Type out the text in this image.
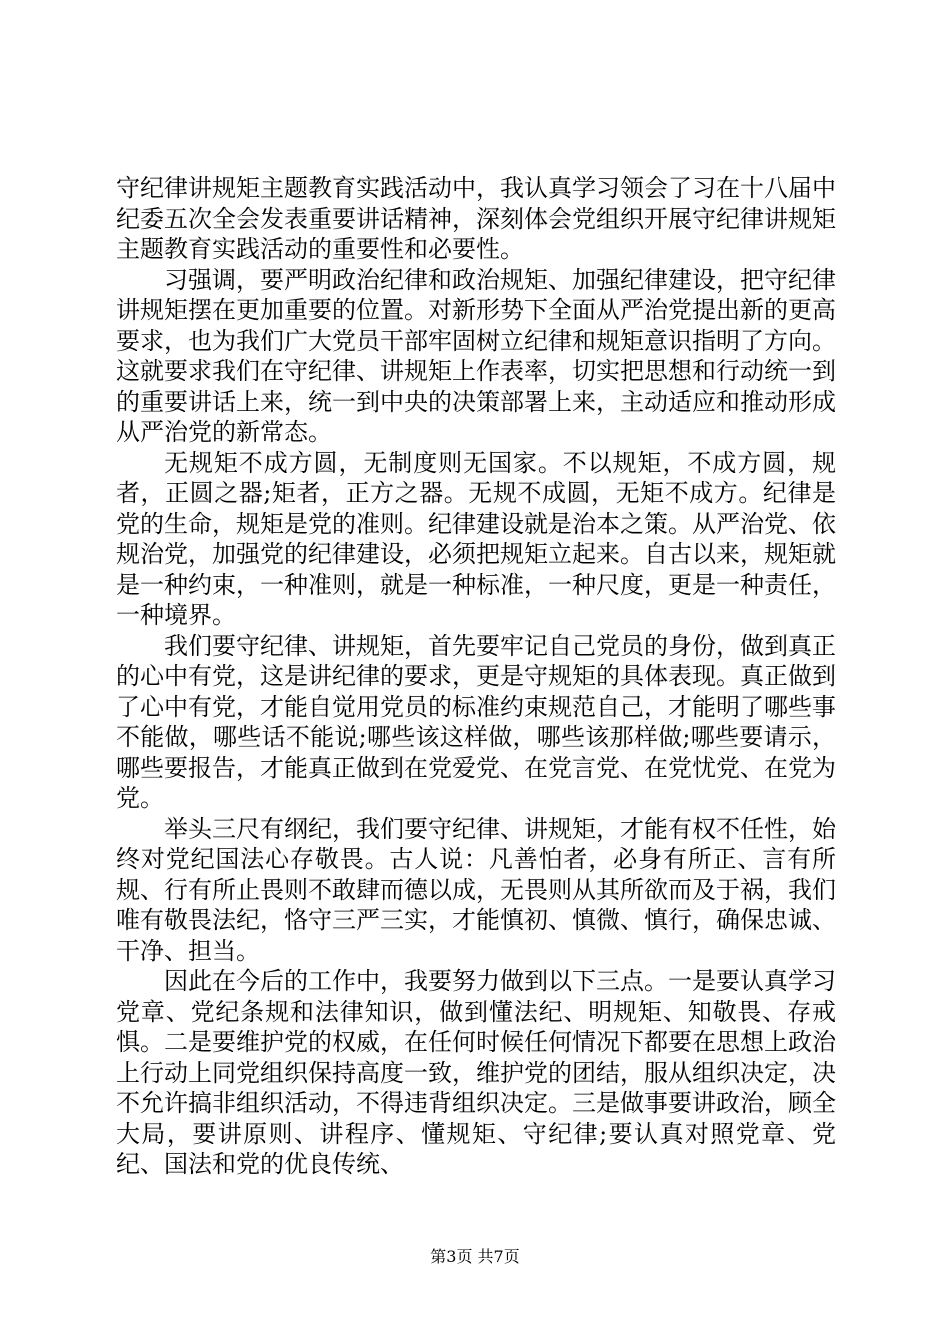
守纪律讲规矩主题教育实践活动中，我认真学习领会了习在十八届中纪委五次全会发表重要讲话精神，深刻体会党组织开展守纪律讲规矩主题教育实践活动的重要性和必要性。

习强调，要严明政治纪律和政治规矩、加强纪律建设，把守纪律讲规矩摆在更加重要的位置。对新形势下全面从严治党提出新的更高要求，也为我们广大党员干部牢固树立纪律和规矩意识指明了方向。这就要求我们在守纪律、讲规矩上作表率，切实把思想和行动统一到的重要讲话上来，统一到中央的决策部署上来，主动适应和推动形成从严治党的新常态。

无规矩不成方圆，无制度则无国家。不以规矩，不成方圆，规者，正圆之器;矩者，正方之器。无规不成圆，无矩不成方。纪律是党的生命，规矩是党的准则。纪律建设就是治本之策。从严治党、依规治党，加强党的纪律建设，必须把规矩立起来。自古以来，规矩就是一种约束，一种准则，就是一种标准，一种尺度，更是一种责任，一种境界。

我们要守纪律、讲规矩，首先要牢记自己党员的身份，做到真正的心中有党，这是讲纪律的要求，更是守规矩的具体表现。真正做到了心中有党，才能自觉用党员的标准约束规范自己，才能明了哪些事不能做，哪些话不能说;哪些该这样做，哪些该那样做;哪些要请示，哪些要报告，才能真正做到在党爱党、在党言党、在党忧党、在党为党。

举头三尺有纲纪，我们要守纪律、讲规矩，才能有权不任性，始终对党纪国法心存敬畏。古人说：凡善怕者，必身有所正、言有所规、行有所止畏则不敢肆而德以成，无畏则从其所欲而及于祸，我们唯有敬畏法纪，恪守三严三实，才能慎初、慎微、慎行，确保忠诚、干净、担当。

因此在今后的工作中，我要努力做到以下三点。一是要认真学习党章、党纪条规和法律知识，做到懂法纪、明规矩、知敬畏、存戒惧。二是要维护党的权威，在任何时候任何情况下都要在思想上政治上行动上同党组织保持高度一致，维护党的团结，服从组织决定，决不允许搞非组织活动，不得违背组织决定。三是做事要讲政治，顾全大局，要讲原则、讲程序、懂规矩、守纪律;要认真对照党章、党纪、国法和党的优良传统、

第3页 共7页
